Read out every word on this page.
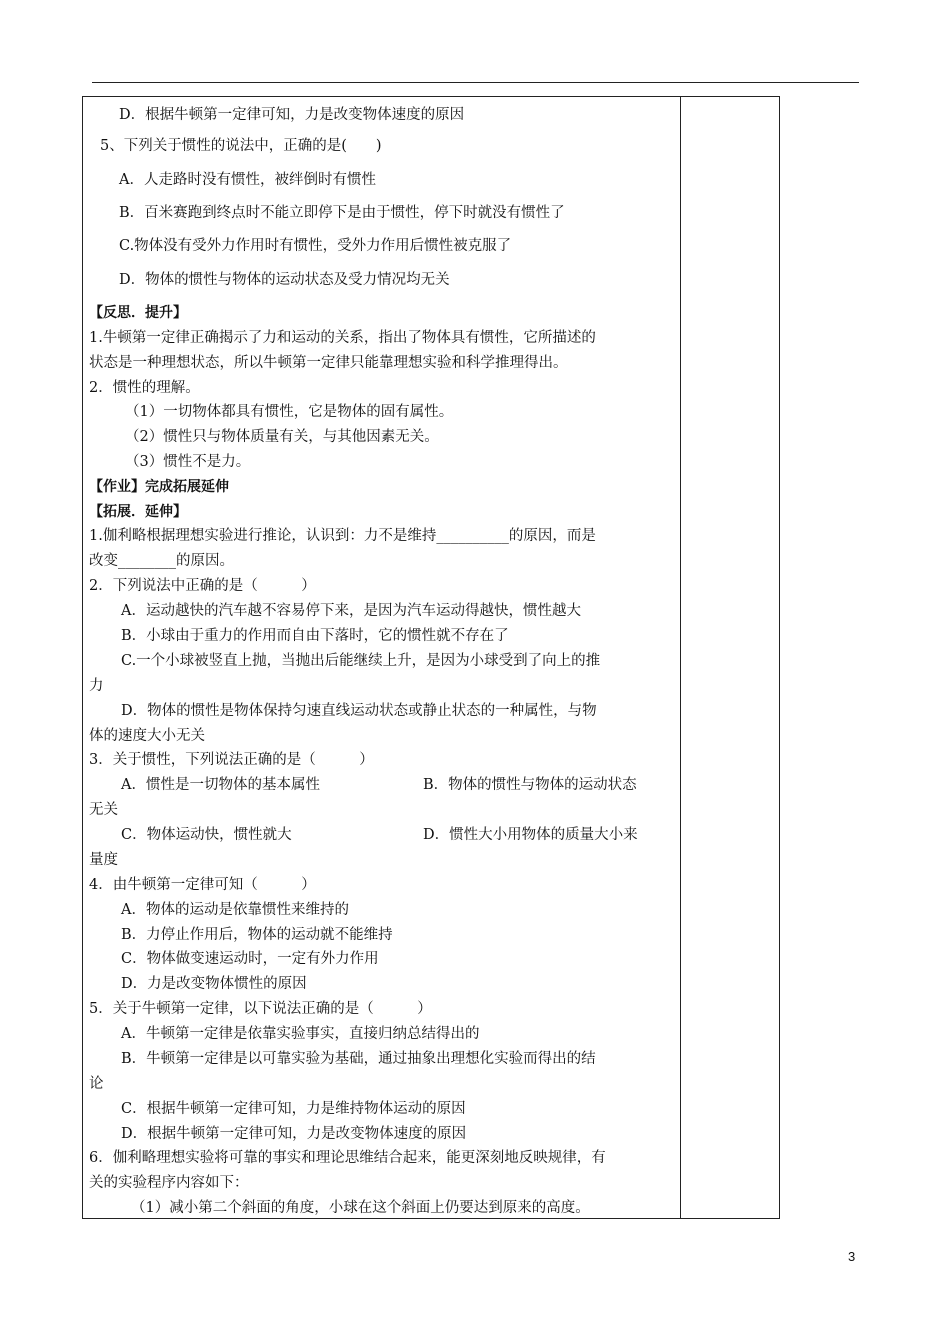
D．根据牛顿第一定律可知，力是改变物体速度的原因
5、下列关于惯性的说法中，正确的是(　　)
A．人走路时没有惯性，被绊倒时有惯性
B．百米赛跑到终点时不能立即停下是由于惯性，停下时就没有惯性了
C.物体没有受外力作用时有惯性，受外力作用后惯性被克服了
D．物体的惯性与物体的运动状态及受力情况均无关
【反思．提升】
1.牛顿第一定律正确揭示了力和运动的关系，指出了物体具有惯性，它所描述的
状态是一种理想状态，所以牛顿第一定律只能靠理想实验和科学推理得出。
2．惯性的理解。
（1）一切物体都具有惯性，它是物体的固有属性。
（2）惯性只与物体质量有关，与其他因素无关。
（3）惯性不是力。
【作业】完成拓展延伸
【拓展．延伸】
1.伽利略根据理想实验进行推论，认识到：力不是维持__________的原因，而是
改变________的原因。
2．下列说法中正确的是（　　　）
A．运动越快的汽车越不容易停下来，是因为汽车运动得越快，惯性越大
B．小球由于重力的作用而自由下落时，它的惯性就不存在了
C.一个小球被竖直上抛，当抛出后能继续上升，是因为小球受到了向上的推
力
D．物体的惯性是物体保持匀速直线运动状态或静止状态的一种属性，与物
体的速度大小无关
3．关于惯性，下列说法正确的是（　　　）
A．惯性是一切物体的基本属性	B．物体的惯性与物体的运动状态
无关
C．物体运动快，惯性就大	D．惯性大小用物体的质量大小来
量度
4．由牛顿第一定律可知（　　　）
A．物体的运动是依靠惯性来维持的
B．力停止作用后，物体的运动就不能维持
C．物体做变速运动时，一定有外力作用
D．力是改变物体惯性的原因
5．关于牛顿第一定律，以下说法正确的是（　　　）
A．牛顿第一定律是依靠实验事实，直接归纳总结得出的
B．牛顿第一定律是以可靠实验为基础，通过抽象出理想化实验而得出的结
论
C．根据牛顿第一定律可知，力是维持物体运动的原因
D．根据牛顿第一定律可知，力是改变物体速度的原因
6．伽利略理想实验将可靠的事实和理论思维结合起来，能更深刻地反映规律，有
关的实验程序内容如下：
（1）减小第二个斜面的角度，小球在这个斜面上仍要达到原来的高度。
3
